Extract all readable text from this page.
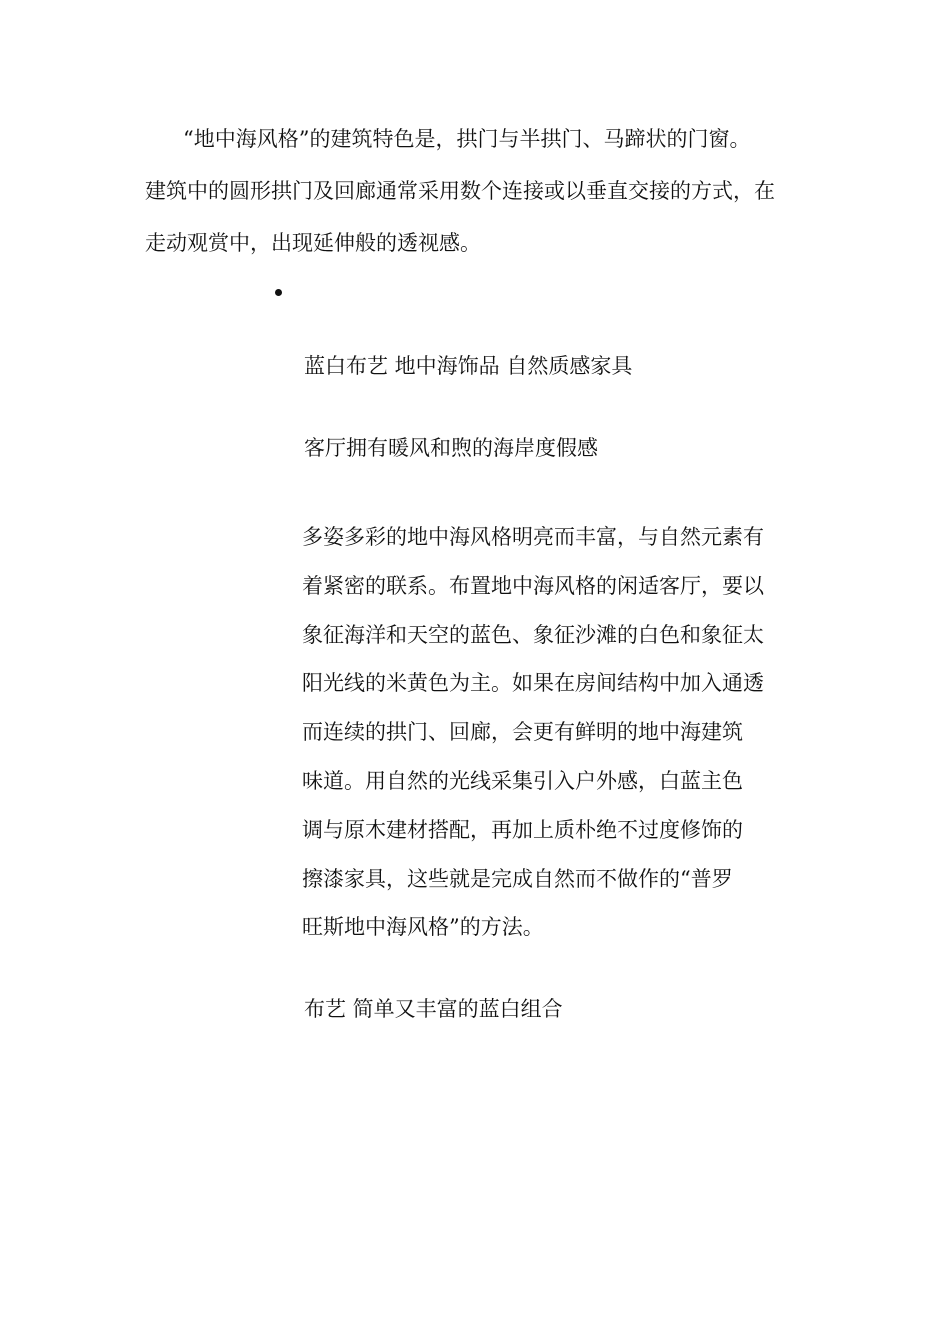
“地中海风格”的建筑特色是，拱门与半拱门、马蹄状的门窗。
建筑中的圆形拱门及回廊通常采用数个连接或以垂直交接的方式，在
走动观赏中，出现延伸般的透视感。

蓝白布艺 地中海饰品 自然质感家具

客厅拥有暖风和煦的海岸度假感

多姿多彩的地中海风格明亮而丰富，与自然元素有
着紧密的联系。布置地中海风格的闲适客厅，要以
象征海洋和天空的蓝色、象征沙滩的白色和象征太
阳光线的米黄色为主。如果在房间结构中加入通透
而连续的拱门、回廊，会更有鲜明的地中海建筑
味道。用自然的光线采集引入户外感，白蓝主色
调与原木建材搭配，再加上质朴绝不过度修饰的
擦漆家具，这些就是完成自然而不做作的“普罗
旺斯地中海风格”的方法。

布艺 简单又丰富的蓝白组合
